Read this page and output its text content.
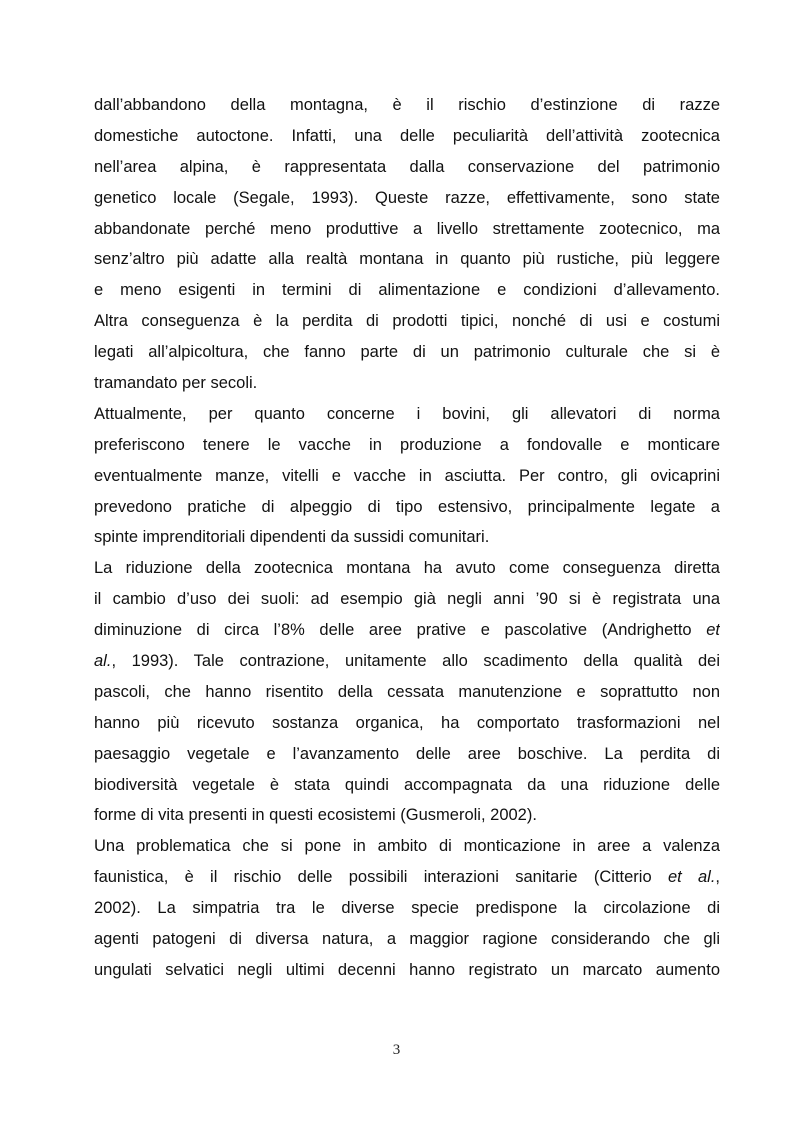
dall’abbandono della montagna, è il rischio d’estinzione di razze
domestiche autoctone. Infatti, una delle peculiarità dell’attività zootecnica
nell’area alpina, è rappresentata dalla conservazione del patrimonio
genetico locale (Segale, 1993). Queste razze, effettivamente, sono state
abbandonate perché meno produttive a livello strettamente zootecnico, ma
senz’altro più adatte alla realtà montana in quanto più rustiche, più leggere
e meno esigenti in termini di alimentazione e condizioni d’allevamento.
Altra conseguenza è la perdita di prodotti tipici, nonché di usi e costumi
legati all’alpicoltura, che fanno parte di un patrimonio culturale che si è
tramandato per secoli.
Attualmente, per quanto concerne i bovini, gli allevatori di norma
preferiscono tenere le vacche in produzione a fondovalle e monticare
eventualmente manze, vitelli e vacche in asciutta. Per contro, gli ovicaprini
prevedono pratiche di alpeggio di tipo estensivo, principalmente legate a
spinte imprenditoriali dipendenti da sussidi comunitari.
La riduzione della zootecnica montana ha avuto come conseguenza diretta
il cambio d’uso dei suoli: ad esempio già negli anni ’90 si è registrata una
diminuzione di circa l’8% delle aree prative e pascolative (Andrighetto et
al., 1993). Tale contrazione, unitamente allo scadimento della qualità dei
pascoli, che hanno risentito della cessata manutenzione e soprattutto non
hanno più ricevuto sostanza organica, ha comportato trasformazioni nel
paesaggio vegetale e l’avanzamento delle aree boschive. La perdita di
biodiversità vegetale è stata quindi accompagnata da una riduzione delle
forme di vita presenti in questi ecosistemi (Gusmeroli, 2002).
Una problematica che si pone in ambito di monticazione in aree a valenza
faunistica, è il rischio delle possibili interazioni sanitarie (Citterio et al.,
2002). La simpatria tra le diverse specie predispone la circolazione di
agenti patogeni di diversa natura, a maggior ragione considerando che gli
ungulati selvatici negli ultimi decenni hanno registrato un marcato aumento
3
